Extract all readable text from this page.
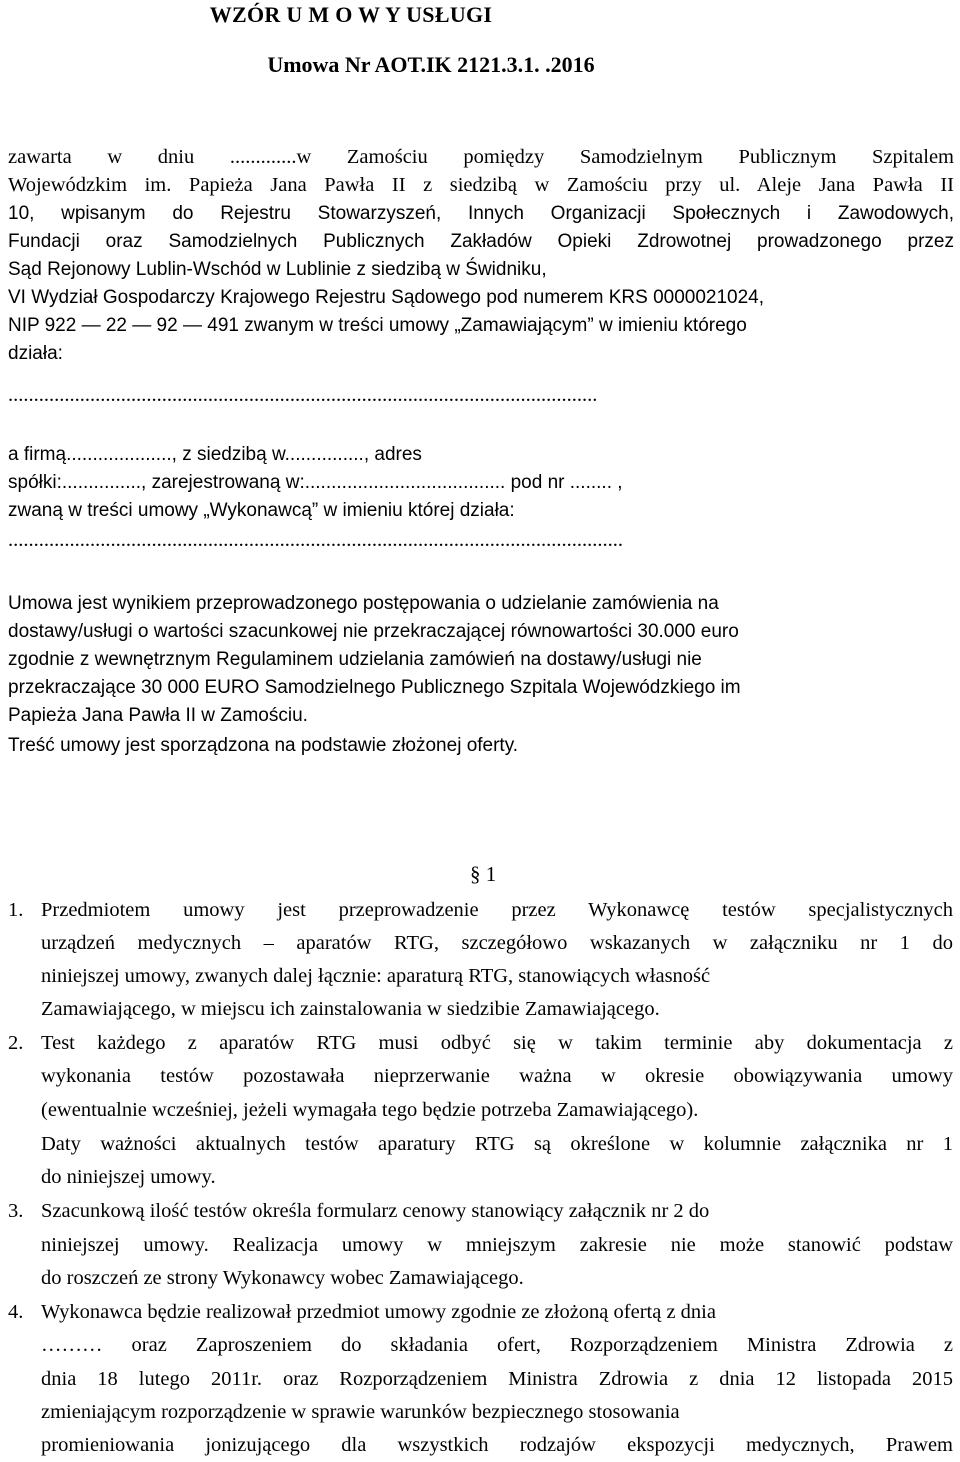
WZÓR U M O W Y USŁUGI
Umowa Nr AOT.IK 2121.3.1. .2016
zawarta w dniu .............w Zamościu pomiędzy Samodzielnym Publicznym Szpitalem
Wojewódzkim im. Papieża Jana Pawła II z siedzibą w Zamościu przy ul. Aleje Jana Pawła II
10, wpisanym do Rejestru Stowarzyszeń, Innych Organizacji Społecznych i Zawodowych,
Fundacji oraz Samodzielnych Publicznych Zakładów Opieki Zdrowotnej prowadzonego przez
Sąd Rejonowy Lublin-Wschód w Lublinie z siedzibą w Świdniku,
VI Wydział Gospodarczy Krajowego Rejestru Sądowego pod numerem KRS 0000021024,
NIP 922 — 22 — 92 — 491 zwanym w treści umowy „Zamawiającym” w imieniu którego
działa:
...................................................................................................................
a firmą...................., z siedzibą w..............., adres
spółki:..............., zarejestrowaną w:...................................... pod nr ........ ,
zwaną w treści umowy „Wykonawcą” w imieniu której działa:
........................................................................................................................
Umowa jest wynikiem przeprowadzonego postępowania o udzielanie zamówienia na
dostawy/usługi o wartości szacunkowej nie przekraczającej równowartości 30.000 euro
zgodnie z wewnętrznym Regulaminem udzielania zamówień na dostawy/usługi nie
przekraczające 30 000 EURO Samodzielnego Publicznego Szpitala Wojewódzkiego im
Papieża Jana Pawła II w Zamościu.
Treść umowy jest sporządzona na podstawie złożonej oferty.
§ 1
1. Przedmiotem umowy jest przeprowadzenie przez Wykonawcę testów specjalistycznych
urządzeń medycznych – aparatów RTG, szczegółowo wskazanych w załączniku nr 1 do
niniejszej umowy, zwanych dalej łącznie: aparaturą RTG, stanowiących własność
Zamawiającego, w miejscu ich zainstalowania w siedzibie Zamawiającego.
2. Test każdego z aparatów RTG musi odbyć się w takim terminie aby dokumentacja z
wykonania testów pozostawała nieprzerwanie ważna w okresie obowiązywania umowy
(ewentualnie wcześniej, jeżeli wymagała tego będzie potrzeba Zamawiającego).
Daty ważności aktualnych testów aparatury RTG są określone w kolumnie załącznika nr 1
do niniejszej umowy.
3. Szacunkową ilość testów określa formularz cenowy stanowiący załącznik nr 2 do
niniejszej umowy. Realizacja umowy w mniejszym zakresie nie może stanowić podstaw
do roszczeń ze strony Wykonawcy wobec Zamawiającego.
4. Wykonawca będzie realizował przedmiot umowy zgodnie ze złożoną ofertą z dnia
……… oraz Zaproszeniem do składania ofert, Rozporządzeniem Ministra Zdrowia z
dnia 18 lutego 2011r. oraz Rozporządzeniem Ministra Zdrowia z dnia 12 listopada 2015
zmieniającym rozporządzenie w sprawie warunków bezpiecznego stosowania
promieniowania jonizującego dla wszystkich rodzajów ekspozycji medycznych, Prawem
